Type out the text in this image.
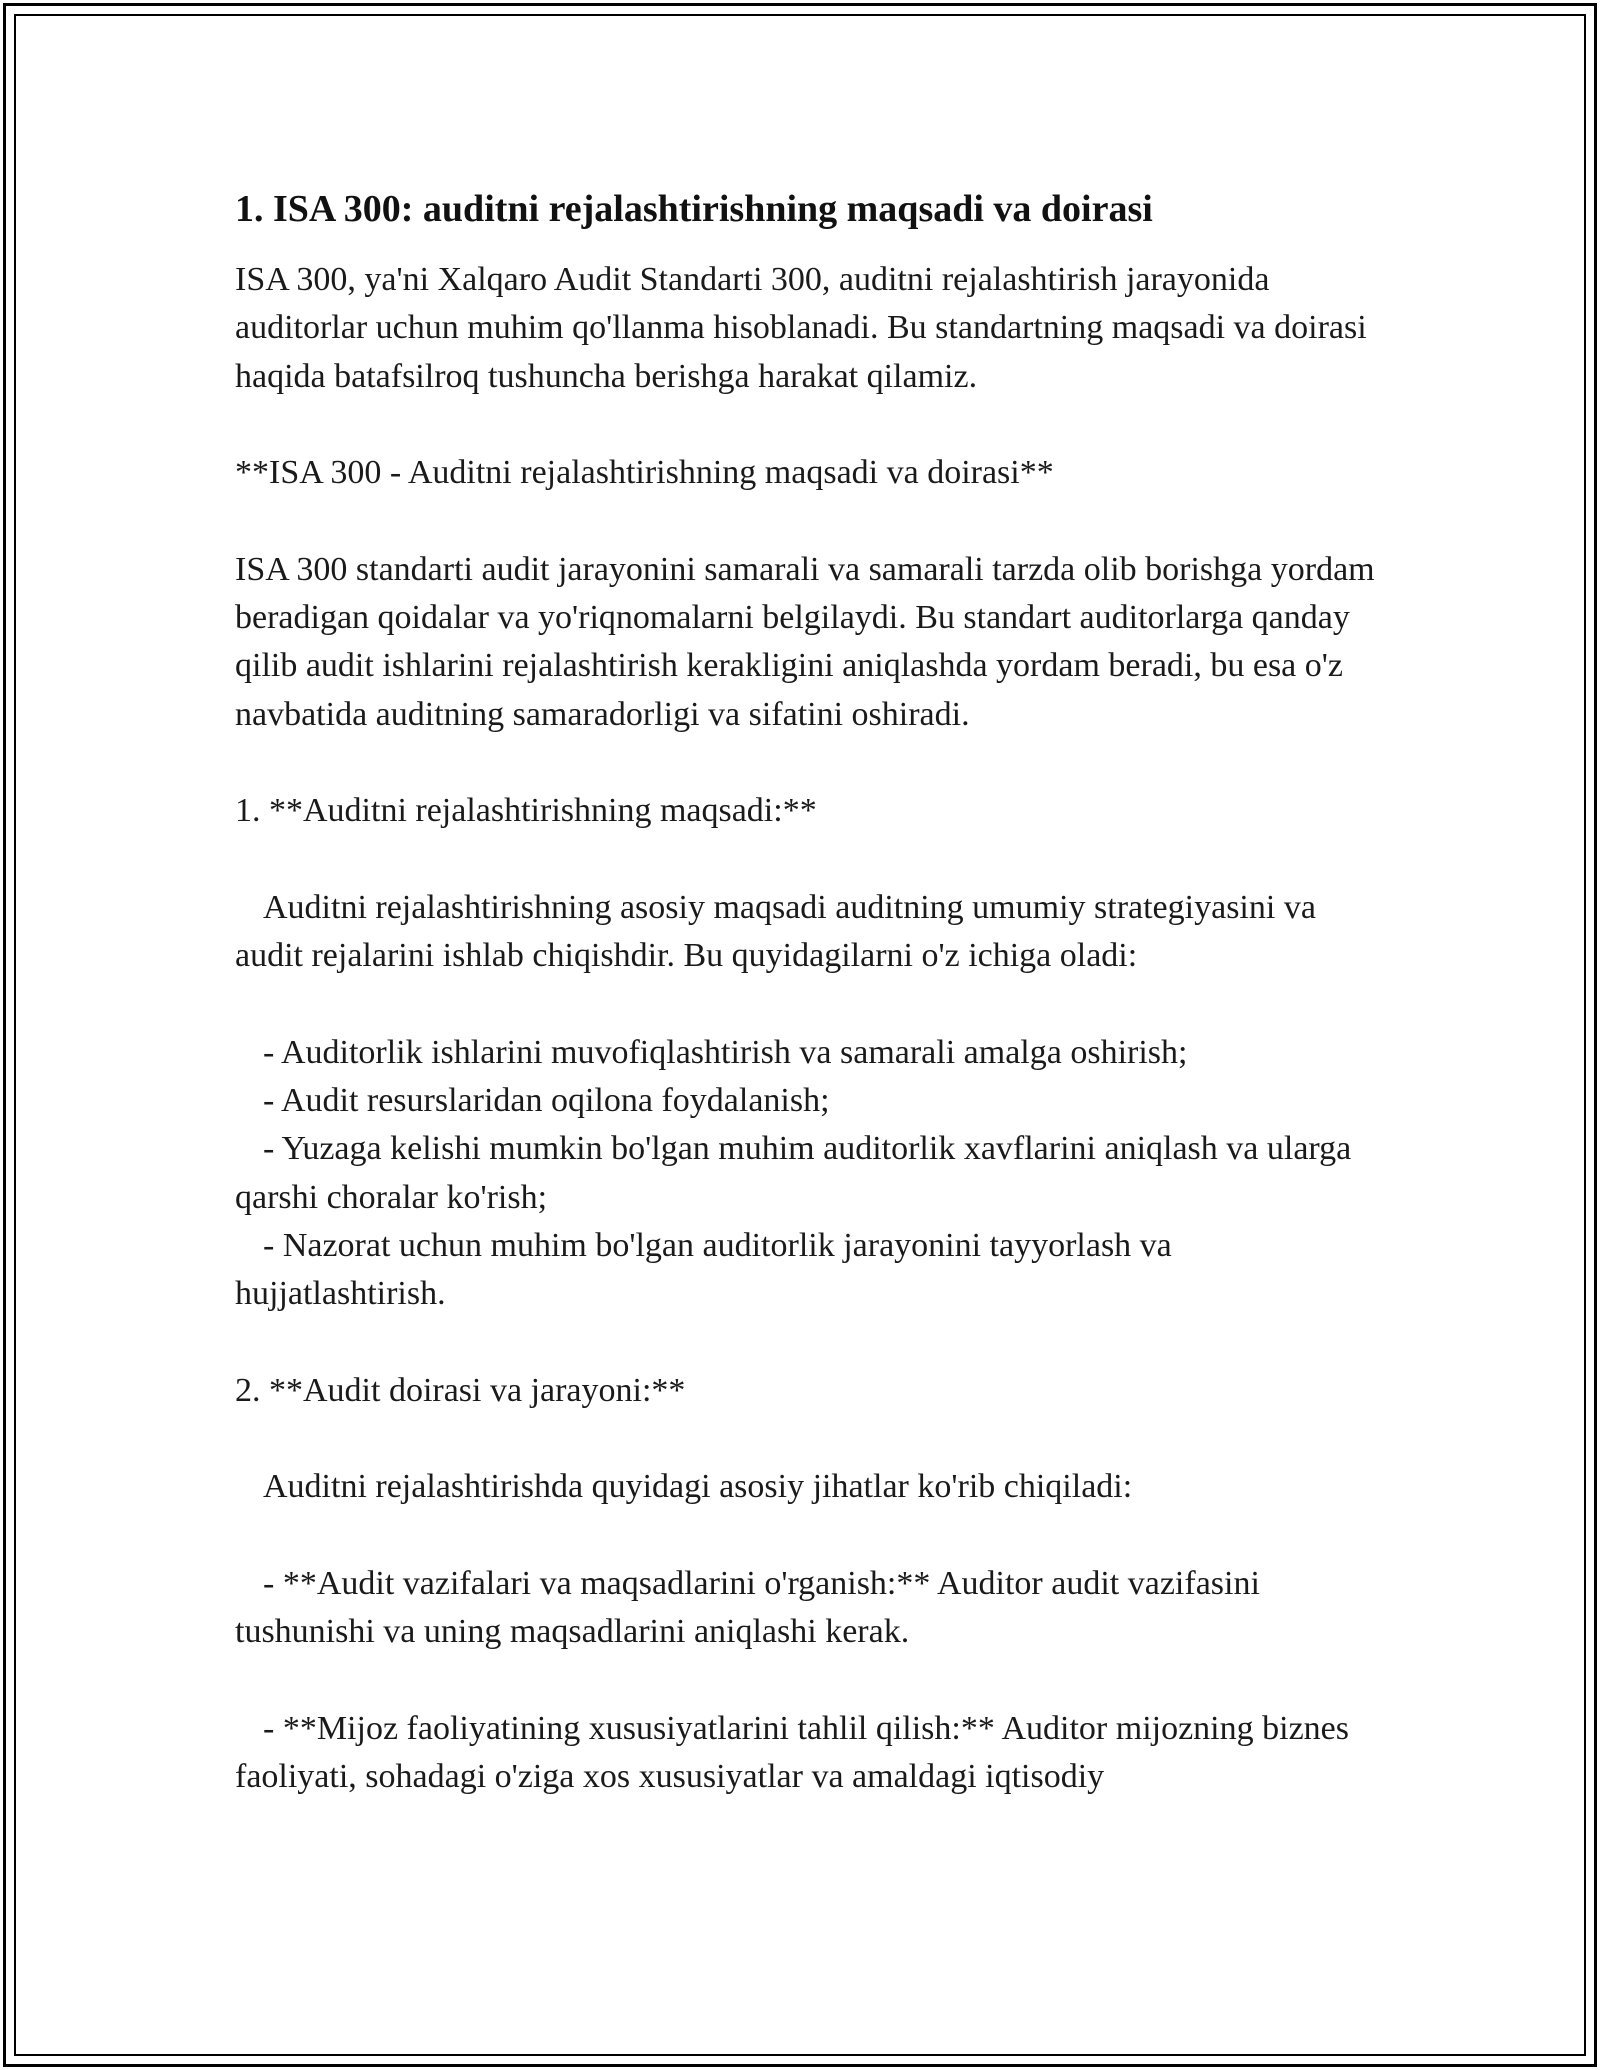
1. ISA 300: auditni rejalashtirishning maqsadi va doirasi

ISA 300, ya'ni Xalqaro Audit Standarti 300, auditni rejalashtirish jarayonida auditorlar uchun muhim qo'llanma hisoblanadi. Bu standartning maqsadi va doirasi haqida batafsilroq tushuncha berishga harakat qilamiz.

**ISA 300 - Auditni rejalashtirishning maqsadi va doirasi**

ISA 300 standarti audit jarayonini samarali va samarali tarzda olib borishga yordam beradigan qoidalar va yo'riqnomalarni belgilaydi. Bu standart auditorlarga qanday qilib audit ishlarini rejalashtirish kerakligini aniqlashda yordam beradi, bu esa o'z navbatida auditning samaradorligi va sifatini oshiradi.

1. **Auditni rejalashtirishning maqsadi:**

Auditni rejalashtirishning asosiy maqsadi auditning umumiy strategiyasini va audit rejalarini ishlab chiqishdir. Bu quyidagilarni o'z ichiga oladi:

- Auditorlik ishlarini muvofiqlashtirish va samarali amalga oshirish;

- Audit resurslaridan oqilona foydalanish;

- Yuzaga kelishi mumkin bo'lgan muhim auditorlik xavflarini aniqlash va ularga qarshi choralar ko'rish;

- Nazorat uchun muhim bo'lgan auditorlik jarayonini tayyorlash va hujjatlashtirish.

2. **Audit doirasi va jarayoni:**

Auditni rejalashtirishda quyidagi asosiy jihatlar ko'rib chiqiladi:

- **Audit vazifalari va maqsadlarini o'rganish:** Auditor audit vazifasini tushunishi va uning maqsadlarini aniqlashi kerak.

- **Mijoz faoliyatining xususiyatlarini tahlil qilish:** Auditor mijozning biznes faoliyati, sohadagi o'ziga xos xususiyatlar va amaldagi iqtisodiy
